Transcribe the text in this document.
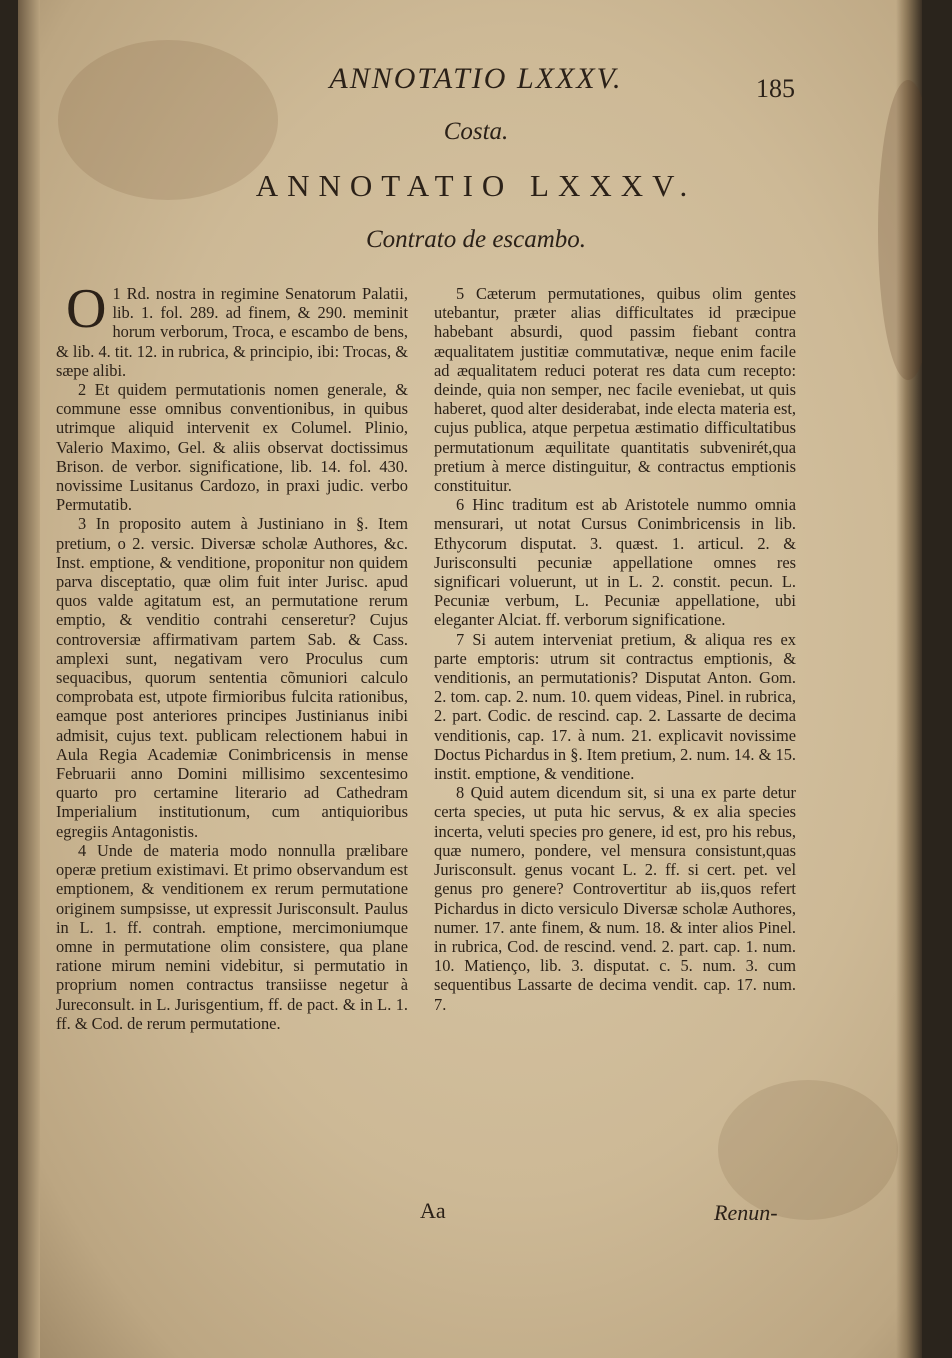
ANNOTATIO LXXXV.	185
Costa.
ANNOTATIO LXXXV.
Contrato de escambo.
O 1 Rd. nostra in regimine Senatorum Palatii, lib. 1. fol. 289. ad finem, & 290. meminit horum verborum, Troca, e escambo de bens, & lib. 4. tit. 12. in rubrica, & principio, ibi: Trocas, & sæpe alibi.

2 Et quidem permutationis nomen generale, & commune esse omnibus conventionibus, in quibus utrimque aliquid intervenit ex Columel. Plinio, Valerio Maximo, Gel. & aliis observat doctissimus Brison. de verbor. significatione, lib. 14. fol. 430. novissime Lusitanus Cardozo, in praxi judic. verbo Permutatib.

3 In proposito autem à Justiniano in §. Item pretium, o 2. versic. Diversæ scholæ Authores, &c. Inst. emptione, & venditione, proponitur non quidem parva disceptatio, quæ olim fuit inter Jurisc. apud quos valde agitatum est, an permutatione rerum emptio, & venditio contrahi censeretur? Cujus controversiæ affirmativam partem Sab. & Cass. amplexi sunt, negativam vero Proculus cum sequacibus, quorum sententia cõmuniori calculo comprobata est, utpote firmioribus fulcita rationibus, eamque post anteriores principes Justinianus inibi admisit, cujus text. publicam relectionem habui in Aula Regia Academiæ Conimbricensis in mense Februarii anno Domini millisimo sexcentesimo quarto pro certamine literario ad Cathedram Imperialium institutionum, cum antiquioribus egregiis Antagonistis.

4 Unde de materia modo nonnulla prælibare operæ pretium existimavi. Et primo observandum est emptionem, & venditionem ex rerum permutatione originem sumpsisse, ut expressit Jurisconsult. Paulus in L. 1. ff. contrah. emptione, mercimoniumque omne in permutatione olim consistere, qua plane ratione mirum nemini videbitur, si permutatio in proprium nomen contractus transiisse negetur à Jureconsult. in L. Jurisgentium, ff. de pact. & in L. 1. ff. & Cod. de rerum permutatione.

5 Cæterum permutationes, quibus olim gentes utebantur, præter alias difficultates id præcipue habebant absurdi, quod passim fiebant contra æqualitatem justitiæ commutativæ, neque enim facile ad æqualitatem reduci poterat res data cum recepto: deinde, quia non semper, nec facile eveniebat, ut quis haberet, quod alter desiderabat, inde electa materia est, cujus publica, atque perpetua æstimatio difficultatibus permutationum æquilitate quantitatis subvenirét,qua pretium à merce distinguitur, & contractus emptionis constituitur.

6 Hinc traditum est ab Aristotele nummo omnia mensurari, ut notat Cursus Conimbricensis in lib. Ethycorum disputat. 3. quæst. 1. articul. 2. & Jurisconsulti pecuniæ appellatione omnes res significari voluerunt, ut in L. 2. constit. pecun. L. Pecuniæ verbum, L. Pecuniæ appellatione, ubi eleganter Alciat. ff. verborum significatione.

7 Si autem interveniat pretium, & aliqua res ex parte emptoris: utrum sit contractus emptionis, & venditionis, an permutationis? Disputat Anton. Gom. 2. tom. cap. 2. num. 10. quem videas, Pinel. in rubrica, 2. part. Codic. de rescind. cap. 2. Lassarte de decima venditionis, cap. 17. à num. 21. explicavit novissime Doctus Pichardus in §. Item pretium, 2. num. 14. & 15. instit. emptione, & venditione.

8 Quid autem dicendum sit, si una ex parte detur certa species, ut puta hic servus, & ex alia species incerta, veluti species pro genere, id est, pro his rebus, quæ numero, pondere, vel mensura consistunt,quas Jurisconsult. genus vocant L. 2. ff. si cert. pet. vel genus pro genere? Controvertitur ab iis,quos refert Pichardus in dicto versiculo Diversæ scholæ Authores, numer. 17. ante finem, & num. 18. & inter alios Pinel. in rubrica, Cod. de rescind. vend. 2. part. cap. 1. num. 10. Matienço, lib. 3. disputat. c. 5. num. 3. cum sequentibus Lassarte de decima vendit. cap. 17. num. 7.

Aa	Renun-
